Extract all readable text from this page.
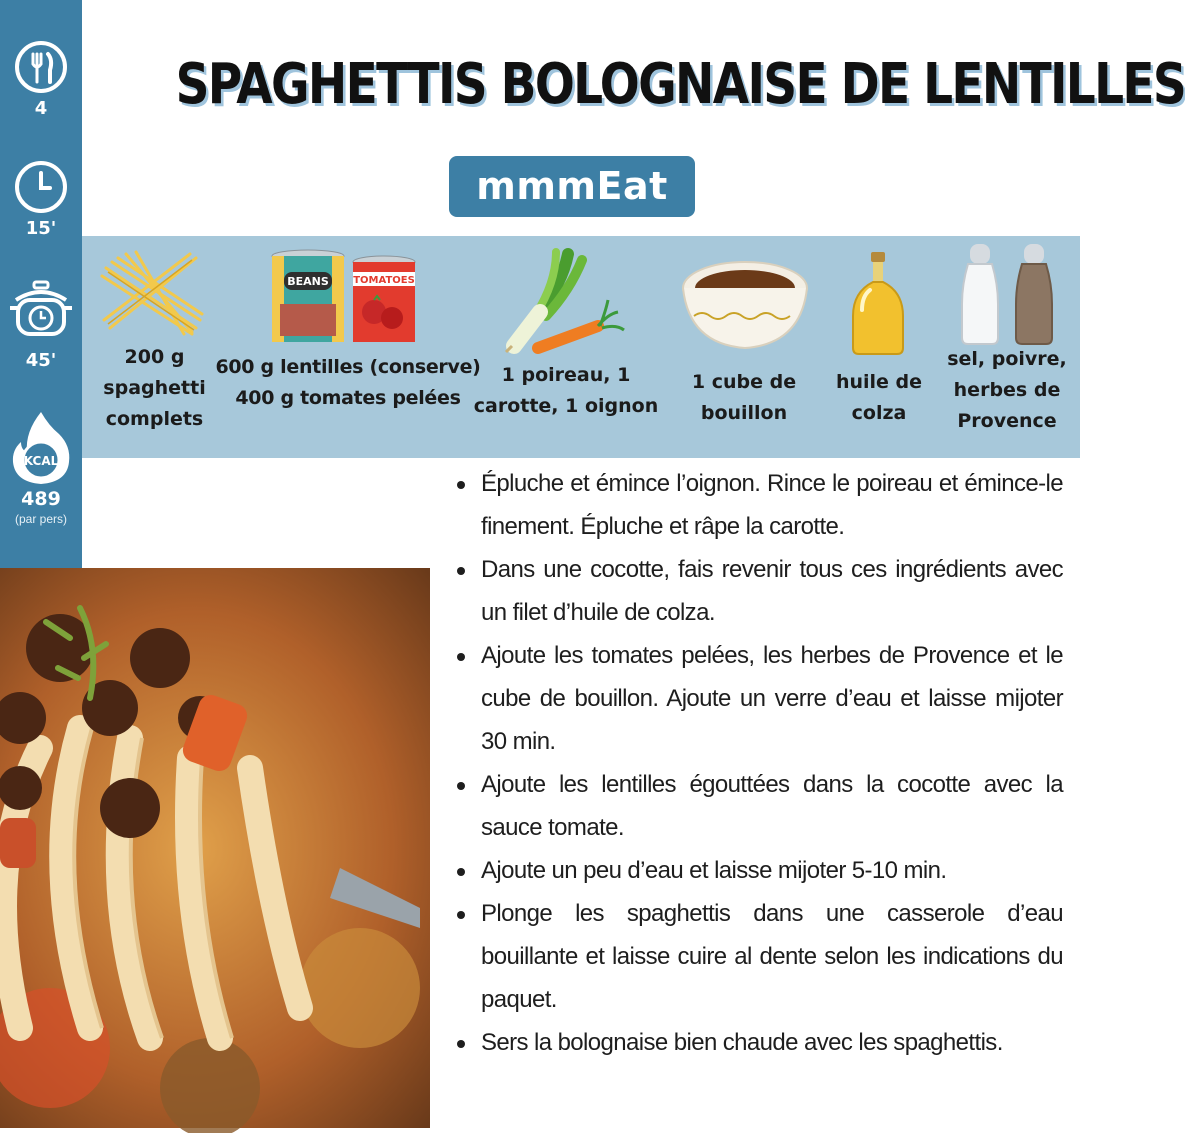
4
15'
45'
KCAL
489
(par pers)
SPAGHETTIS BOLOGNAISE DE LENTILLES
mmmEat
200 g
spaghetti
complets
BEANS TOMATOES
600 g lentilles (conserve)
400 g tomates pelées
1 poireau, 1
carotte, 1 oignon
1 cube de
bouillon
huile de
colza
sel, poivre,
herbes de
Provence
Épluche et émince l’oignon. Rince le poireau et émince-le finement. Épluche et râpe la carotte.
Dans une cocotte, fais revenir tous ces ingrédients avec un filet d’huile de colza.
Ajoute les tomates pelées, les herbes de Provence et le cube de bouillon. Ajoute un verre d’eau et laisse mijoter 30 min.
Ajoute les lentilles égouttées dans la cocotte avec la sauce tomate.
Ajoute un peu d’eau et laisse mijoter 5-10 min.
Plonge les spaghettis dans une casserole d’eau bouillante et laisse cuire al dente selon les indications du paquet.
Sers la bolognaise bien chaude avec les spaghettis.
